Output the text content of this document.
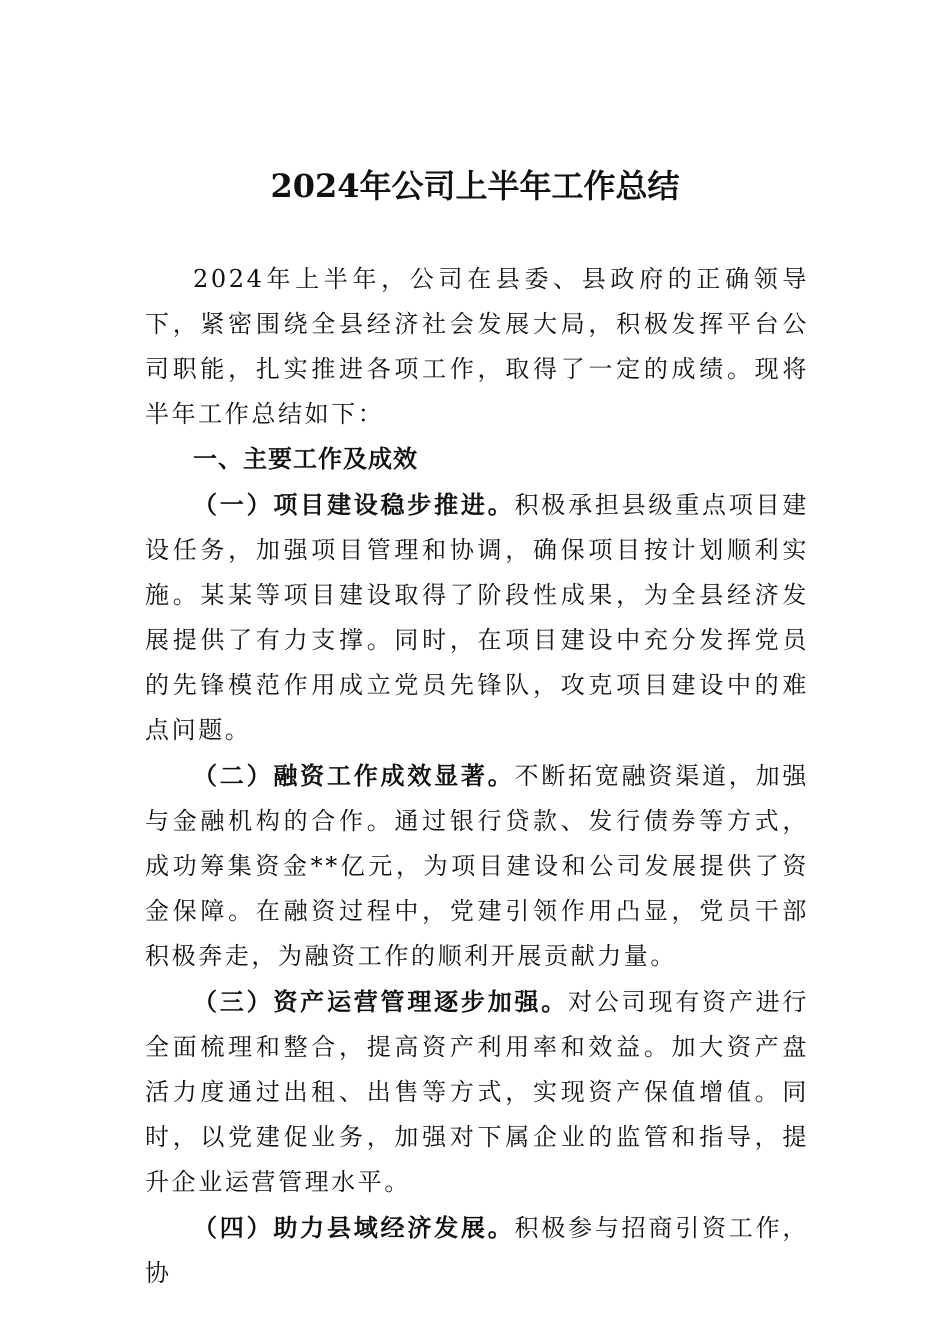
2024年公司上半年工作总结

2024年上半年，公司在县委、县政府的正确领导下，紧密围绕全县经济社会发展大局，积极发挥平台公司职能，扎实推进各项工作，取得了一定的成绩。现将半年工作总结如下：

一、主要工作及成效

（一）项目建设稳步推进。积极承担县级重点项目建设任务，加强项目管理和协调，确保项目按计划顺利实施。某某等项目建设取得了阶段性成果，为全县经济发展提供了有力支撑。同时，在项目建设中充分发挥党员的先锋模范作用成立党员先锋队，攻克项目建设中的难点问题。

（二）融资工作成效显著。不断拓宽融资渠道，加强与金融机构的合作。通过银行贷款、发行债券等方式，成功筹集资金**亿元，为项目建设和公司发展提供了资金保障。在融资过程中，党建引领作用凸显，党员干部积极奔走，为融资工作的顺利开展贡献力量。

（三）资产运营管理逐步加强。对公司现有资产进行全面梳理和整合，提高资产利用率和效益。加大资产盘活力度通过出租、出售等方式，实现资产保值增值。同时，以党建促业务，加强对下属企业的监管和指导，提升企业运营管理水平。

（四）助力县域经济发展。积极参与招商引资工作，协
